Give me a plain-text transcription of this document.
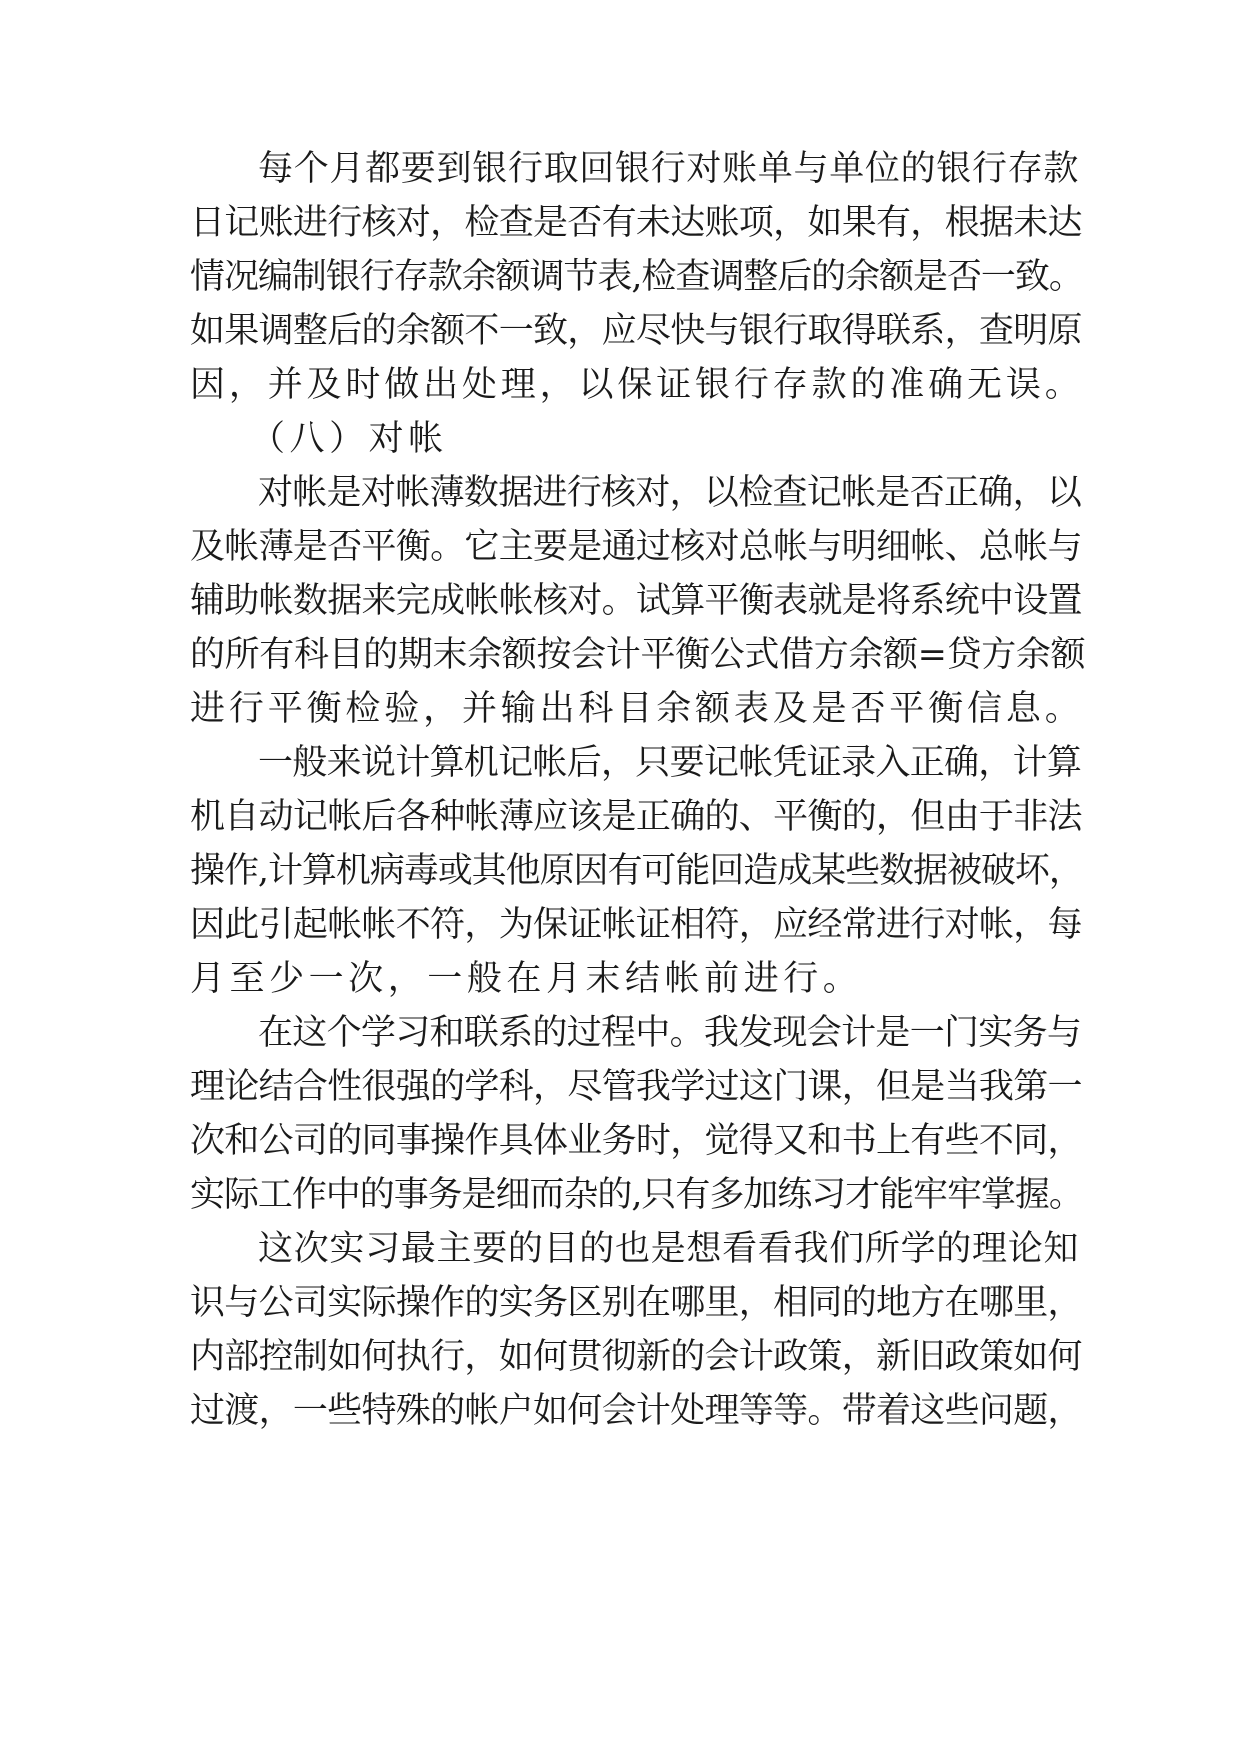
每个月都要到银行取回银行对账单与单位的银行存款
日记账进行核对，检查是否有未达账项，如果有，根据未达
情况编制银行存款余额调节表,检查调整后的余额是否一致。
如果调整后的余额不一致，应尽快与银行取得联系，查明原
因，并及时做出处理，以保证银行存款的准确无误。
（八）对帐
对帐是对帐薄数据进行核对，以检查记帐是否正确，以
及帐薄是否平衡。它主要是通过核对总帐与明细帐、总帐与
辅助帐数据来完成帐帐核对。试算平衡表就是将系统中设置
的所有科目的期末余额按会计平衡公式借方余额=贷方余额
进行平衡检验，并输出科目余额表及是否平衡信息。
一般来说计算机记帐后，只要记帐凭证录入正确，计算
机自动记帐后各种帐薄应该是正确的、平衡的，但由于非法
操作,计算机病毒或其他原因有可能回造成某些数据被破坏，
因此引起帐帐不符，为保证帐证相符，应经常进行对帐，每
月至少一次，一般在月末结帐前进行。
在这个学习和联系的过程中。我发现会计是一门实务与
理论结合性很强的学科，尽管我学过这门课，但是当我第一
次和公司的同事操作具体业务时，觉得又和书上有些不同，
实际工作中的事务是细而杂的,只有多加练习才能牢牢掌握。
这次实习最主要的目的也是想看看我们所学的理论知
识与公司实际操作的实务区别在哪里，相同的地方在哪里，
内部控制如何执行，如何贯彻新的会计政策，新旧政策如何
过渡，一些特殊的帐户如何会计处理等等。带着这些问题，
